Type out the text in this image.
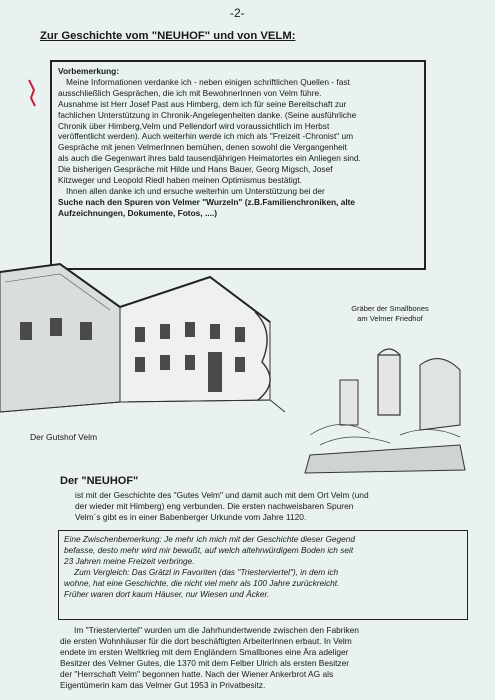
-2-
Zur Geschichte vom "NEUHOF" und von VELM:
Vorbemerkung:
Meine Informationen verdanke ich - neben einigen schriftlichen Quellen - fast
ausschließlich Gesprächen, die ich mit BewohnerInnen von Velm führe.
Ausnahme ist Herr Josef Past aus Himberg, dem ich für seine Bereitschaft zur
fachlichen Unterstützung in Chronik-Angelegenheiten danke. (Seine ausführliche
Chronik über Himberg,Velm und Pellendorf wird voraussichtlich im Herbst
veröffentlicht werden). Auch weiterhin werde ich mich als "Freizeit -Chronist" um
Gespräche mit jenen VelmerInnen bemühen, denen sowohl die Vergangenheit
als auch die Gegenwart ihres bald tausendjährigen Heimatortes ein Anliegen sind.
Die bisherigen Gespräche mit Hilde und Hans Bauer, Georg Migsch, Josef
Kitzweger und Leopold Riedl haben meinen Optimismus bestätigt.
Ihnen allen danke ich und ersuche weiterhin um Unterstützung bei der
Suche nach den Spuren von Velmer "Wurzeln" (z.B.Familienchroniken, alte
Aufzeichnungen, Dokumente, Fotos, ....)
Gräber der Smallbones
am Velmer Friedhof
Der Gutshof Velm
Der "NEUHOF"
ist mit der Geschichte des "Gutes Velm" und damit auch mit dem Ort Velm (und
der wieder mit Himberg) eng verbunden. Die ersten nachweisbaren Spuren
Velm´s gibt es in einer Babenberger Urkunde vom Jahre 1120.
Eine Zwischenbemerkung: Je mehr ich mich mit der Geschichte dieser Gegend
befasse, desto mehr wird mir bewußt, auf welch altehrwürdigem Boden ich seit
23 Jahren meine Freizeit verbringe.
Zum Vergleich: Das Grätzl in Favoriten (das "Triesterviertel"), in dem ich
wohne, hat eine Geschichte, die nicht viel mehr als 100 Jahre zurückreicht.
Früher waren dort kaum Häuser, nur Wiesen und Äcker.
Im "Triesterviertel" wurden um die Jahrhundertwende zwischen den Fabriken
die ersten Wohnhäuser für die dort beschäftigten ArbeiterInnen erbaut. In Velm
endete im ersten Weltkrieg mit dem Engländern Smallbones eine Ära adeliger
Besitzer des Velmer Gutes, die 1370 mit dem Felber Ulrich als ersten Besitzer
der "Herrschaft Velm" begonnen hatte. Nach der Wiener Ankerbrot AG als
Eigentümerin kam das Velmer Gut 1953 in Privatbesitz.
